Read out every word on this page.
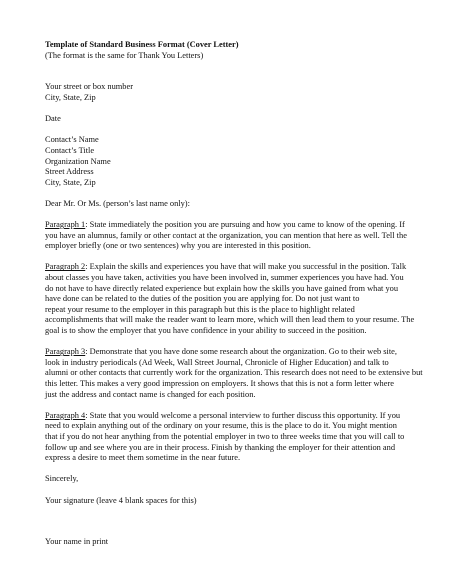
Template of Standard Business Format (Cover Letter)
(The format is the same for Thank You Letters)
Your street or box number
City, State, Zip
Date
Contact’s Name
Contact’s Title
Organization Name
Street Address
City, State, Zip
Dear Mr. Or Ms. (person’s last name only):
Paragraph 1: State immediately the position you are pursuing and how you came to know of the opening. If
you have an alumnus, family or other contact at the organization, you can mention that here as well. Tell the
employer briefly (one or two sentences) why you are interested in this position.
Paragraph 2: Explain the skills and experiences you have that will make you successful in the position. Talk
about classes you have taken, activities you have been involved in, summer experiences you have had. You
do not have to have directly related experience but explain how the skills you have gained from what you
have done can be related to the duties of the position you are applying for. Do not just want to
repeat your resume to the employer in this paragraph but this is the place to highlight related
accomplishments that will make the reader want to learn more, which will then lead them to your resume. The
goal is to show the employer that you have confidence in your ability to succeed in the position.
Paragraph 3: Demonstrate that you have done some research about the organization. Go to their web site,
look in industry periodicals (Ad Week, Wall Street Journal, Chronicle of Higher Education) and talk to
alumni or other contacts that currently work for the organization. This research does not need to be extensive but
this letter. This makes a very good impression on employers. It shows that this is not a form letter where
just the address and contact name is changed for each position.
Paragraph 4: State that you would welcome a personal interview to further discuss this opportunity. If you
need to explain anything out of the ordinary on your resume, this is the place to do it. You might mention
that if you do not hear anything from the potential employer in two to three weeks time that you will call to
follow up and see where you are in their process. Finish by thanking the employer for their attention and
express a desire to meet them sometime in the near future.
Sincerely,
Your signature (leave 4 blank spaces for this)
Your name in print
